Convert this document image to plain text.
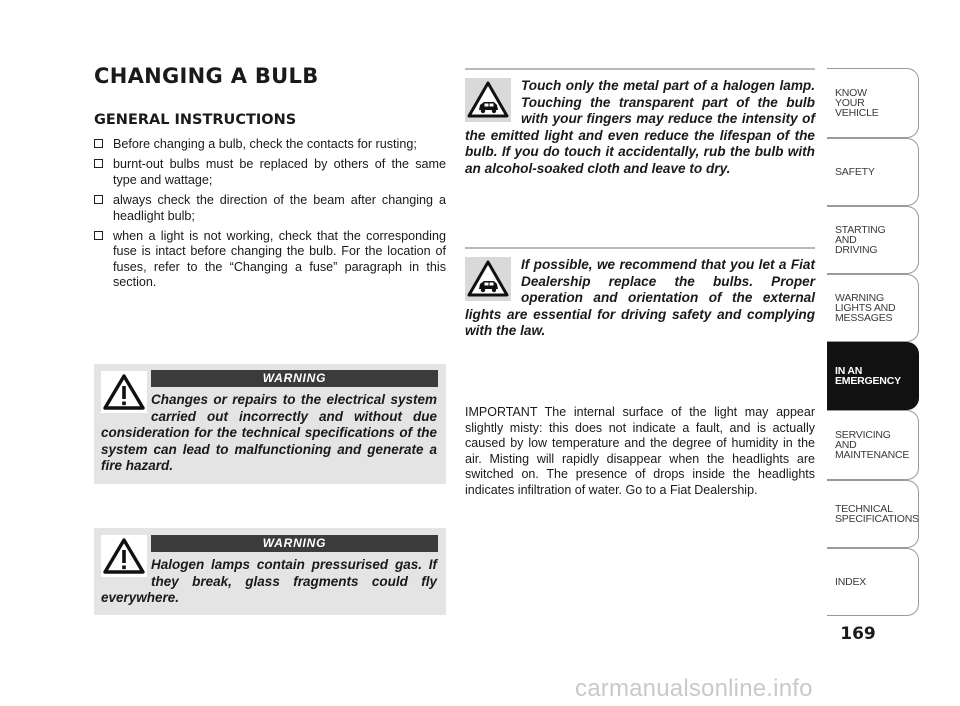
CHANGING A BULB
GENERAL INSTRUCTIONS
Before changing a bulb, check the contacts for rusting;
burnt-out bulbs must be replaced by others of the same type and wattage;
always check the direction of the beam after changing a headlight bulb;
when a light is not working, check that the corresponding fuse is intact before changing the bulb. For the location of fuses, refer to the “Changing a fuse” paragraph in this section.
WARNING

Changes or repairs to the electrical system carried out incorrectly and without due consideration for the technical specifications of the system can lead to malfunctioning and generate a fire hazard.

WARNING

Halogen lamps contain pressurised gas. If they break, glass fragments could fly everywhere.

Touch only the metal part of a halogen lamp. Touching the transparent part of the bulb with your fingers may reduce the intensity of the emitted light and even reduce the lifespan of the bulb. If you do touch it accidentally, rub the bulb with an alcohol-soaked cloth and leave to dry.

If possible, we recommend that you let a Fiat Dealership replace the bulbs. Proper operation and orientation of the external lights are essential for driving safety and complying with the law.

IMPORTANT The internal surface of the light may appear slightly misty: this does not indicate a fault, and is actually caused by low temperature and the degree of humidity in the air. Misting will rapidly disappear when the headlights are switched on. The presence of drops inside the headlights indicates infiltration of water. Go to a Fiat Dealership.

KNOW
YOUR
VEHICLE
SAFETY
STARTING
AND
DRIVING
WARNING
LIGHTS AND
MESSAGES
IN AN
EMERGENCY
SERVICING
AND
MAINTENANCE
TECHNICAL
SPECIFICATIONS
INDEX

169

carmanualsonline.info
